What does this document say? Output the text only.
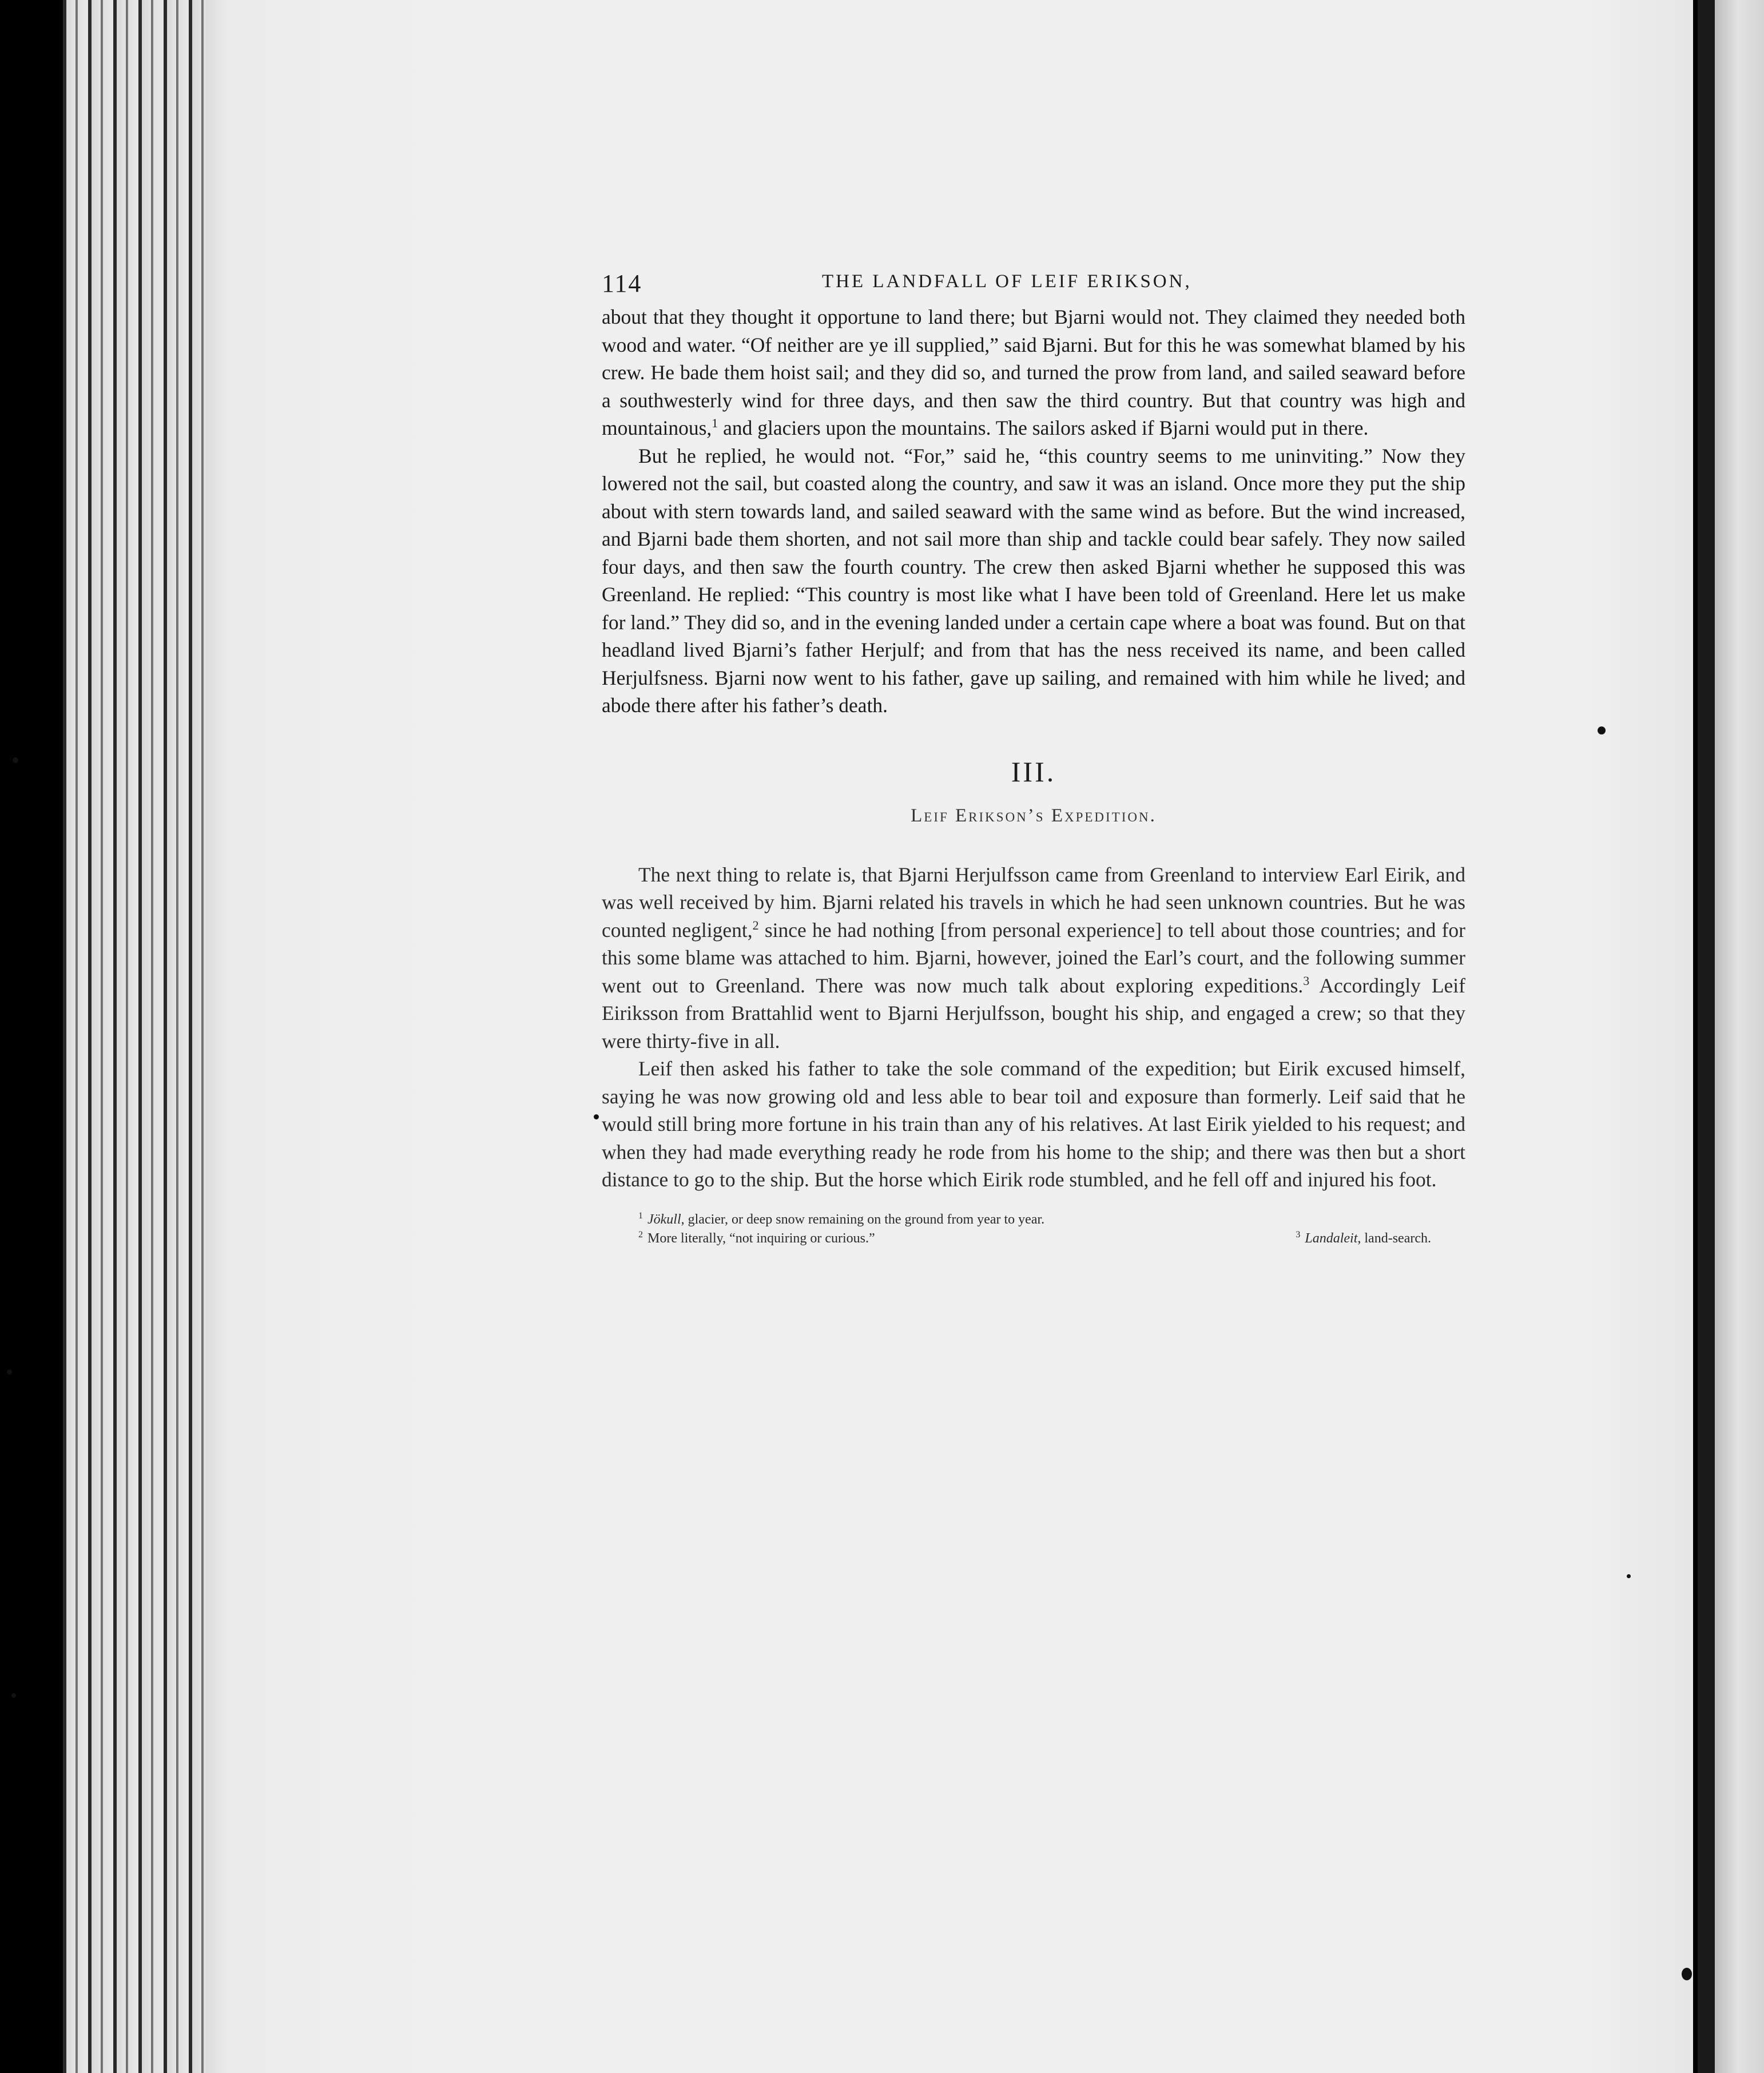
114	THE LANDFALL OF LEIF ERIKSON,

about that they thought it opportune to land there; but Bjarni would not. They claimed they needed both wood and water. “Of neither are ye ill supplied,” said Bjarni. But for this he was somewhat blamed by his crew. He bade them hoist sail; and they did so, and turned the prow from land, and sailed seaward before a southwesterly wind for three days, and then saw the third country. But that country was high and mountainous,$^1$ and glaciers upon the mountains. The sailors asked if Bjarni would put in there.

But he replied, he would not. “For,” said he, “this country seems to me uninviting.” Now they lowered not the sail, but coasted along the country, and saw it was an island. Once more they put the ship about with stern towards land, and sailed seaward with the same wind as before. But the wind increased, and Bjarni bade them shorten, and not sail more than ship and tackle could bear safely. They now sailed four days, and then saw the fourth country. The crew then asked Bjarni whether he supposed this was Greenland. He replied: “This country is most like what I have been told of Greenland. Here let us make for land.” They did so, and in the evening landed under a certain cape where a boat was found. But on that headland lived Bjarni’s father Herjulf; and from that has the ness received its name, and been called Herjulfsness. Bjarni now went to his father, gave up sailing, and remained with him while he lived; and abode there after his father’s death.

III.
Leif Erikson’s Expedition.

The next thing to relate is, that Bjarni Herjulfsson came from Greenland to interview Earl Eirik, and was well received by him. Bjarni related his travels in which he had seen unknown countries. But he was counted negligent,$^2$ since he had nothing [from personal experience] to tell about those countries; and for this some blame was attached to him. Bjarni, however, joined the Earl’s court, and the following summer went out to Greenland. There was now much talk about exploring expeditions.$^3$ Accordingly Leif Eiriksson from Brattahlid went to Bjarni Herjulfsson, bought his ship, and engaged a crew; so that they were thirty-five in all.

Leif then asked his father to take the sole command of the expedition; but Eirik excused himself, saying he was now growing old and less able to bear toil and exposure than formerly. Leif said that he would still bring more fortune in his train than any of his relatives. At last Eirik yielded to his request; and when they had made everything ready he rode from his home to the ship; and there was then but a short distance to go to the ship. But the horse which Eirik rode stumbled, and he fell off and injured his foot.

$^1$ Jökull, glacier, or deep snow remaining on the ground from year to year.
$^2$ More literally, “not inquiring or curious.”	$^3$ Landaleit, land-search.
